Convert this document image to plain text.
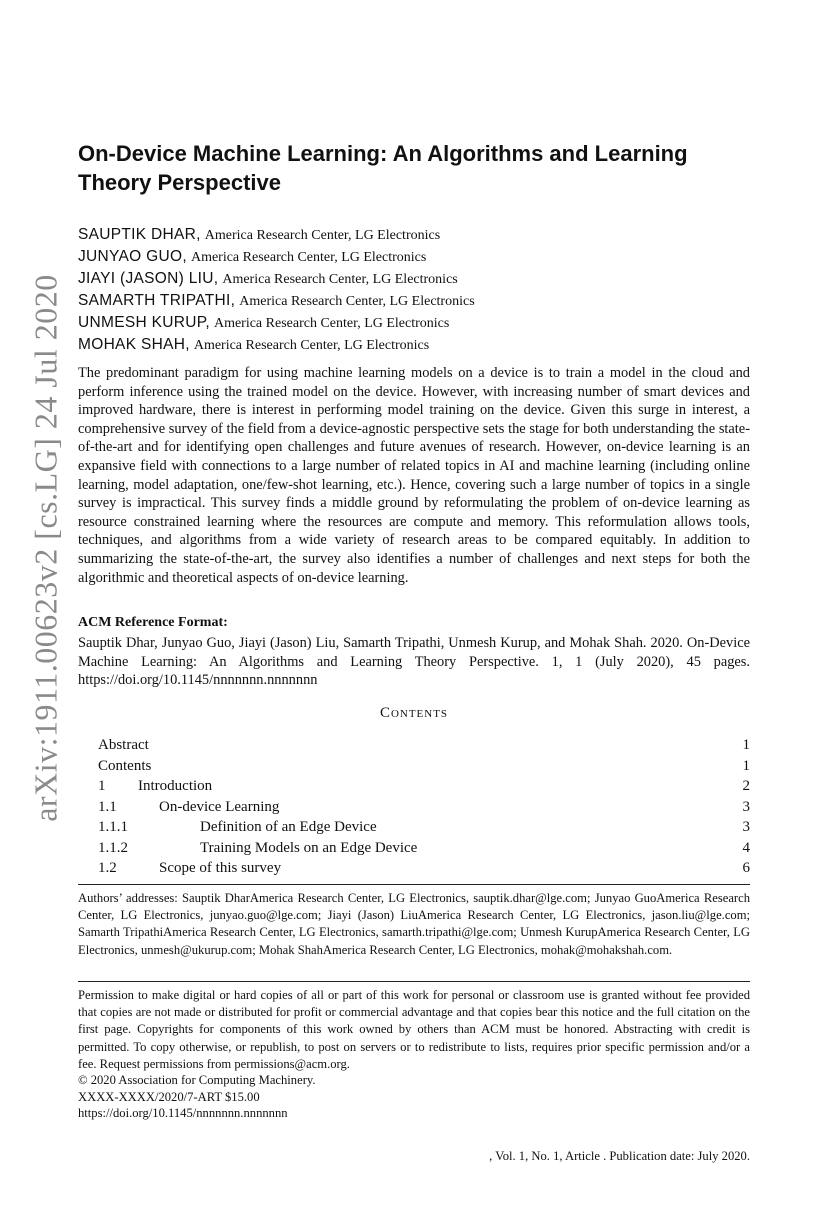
arXiv:1911.00623v2 [cs.LG] 24 Jul 2020
On-Device Machine Learning: An Algorithms and Learning Theory Perspective
SAUPTIK DHAR, America Research Center, LG Electronics
JUNYAO GUO, America Research Center, LG Electronics
JIAYI (JASON) LIU, America Research Center, LG Electronics
SAMARTH TRIPATHI, America Research Center, LG Electronics
UNMESH KURUP, America Research Center, LG Electronics
MOHAK SHAH, America Research Center, LG Electronics

The predominant paradigm for using machine learning models on a device is to train a model in the cloud and perform inference using the trained model on the device. However, with increasing number of smart devices and improved hardware, there is interest in performing model training on the device. Given this surge in interest, a comprehensive survey of the field from a device-agnostic perspective sets the stage for both understanding the state-of-the-art and for identifying open challenges and future avenues of research. However, on-device learning is an expansive field with connections to a large number of related topics in AI and machine learning (including online learning, model adaptation, one/few-shot learning, etc.). Hence, covering such a large number of topics in a single survey is impractical. This survey finds a middle ground by reformulating the problem of on-device learning as resource constrained learning where the resources are compute and memory. This reformulation allows tools, techniques, and algorithms from a wide variety of research areas to be compared equitably. In addition to summarizing the state-of-the-art, the survey also identifies a number of challenges and next steps for both the algorithmic and theoretical aspects of on-device learning.

ACM Reference Format:

Sauptik Dhar, Junyao Guo, Jiayi (Jason) Liu, Samarth Tripathi, Unmesh Kurup, and Mohak Shah. 2020. On-Device Machine Learning: An Algorithms and Learning Theory Perspective. 1, 1 (July 2020), 45 pages. https://doi.org/10.1145/nnnnnnn.nnnnnnn

Contents
Abstract	1
Contents	1
1 Introduction	2
1.1	On-device Learning	3
1.1.1	Definition of an Edge Device	3
1.1.2	Training Models on an Edge Device	4
1.2	Scope of this survey	6

Authors’ addresses: Sauptik DharAmerica Research Center, LG Electronics, sauptik.dhar@lge.com; Junyao GuoAmerica Research Center, LG Electronics, junyao.guo@lge.com; Jiayi (Jason) LiuAmerica Research Center, LG Electronics, jason.liu@lge.com; Samarth TripathiAmerica Research Center, LG Electronics, samarth.tripathi@lge.com; Unmesh KurupAmerica Research Center, LG Electronics, unmesh@ukurup.com; Mohak ShahAmerica Research Center, LG Electronics, mohak@mohakshah.com.

Permission to make digital or hard copies of all or part of this work for personal or classroom use is granted without fee provided that copies are not made or distributed for profit or commercial advantage and that copies bear this notice and the full citation on the first page. Copyrights for components of this work owned by others than ACM must be honored. Abstracting with credit is permitted. To copy otherwise, or republish, to post on servers or to redistribute to lists, requires prior specific permission and/or a fee. Request permissions from permissions@acm.org.

© 2020 Association for Computing Machinery.
XXXX-XXXX/2020/7-ART $15.00
https://doi.org/10.1145/nnnnnnn.nnnnnnn
, Vol. 1, No. 1, Article . Publication date: July 2020.
